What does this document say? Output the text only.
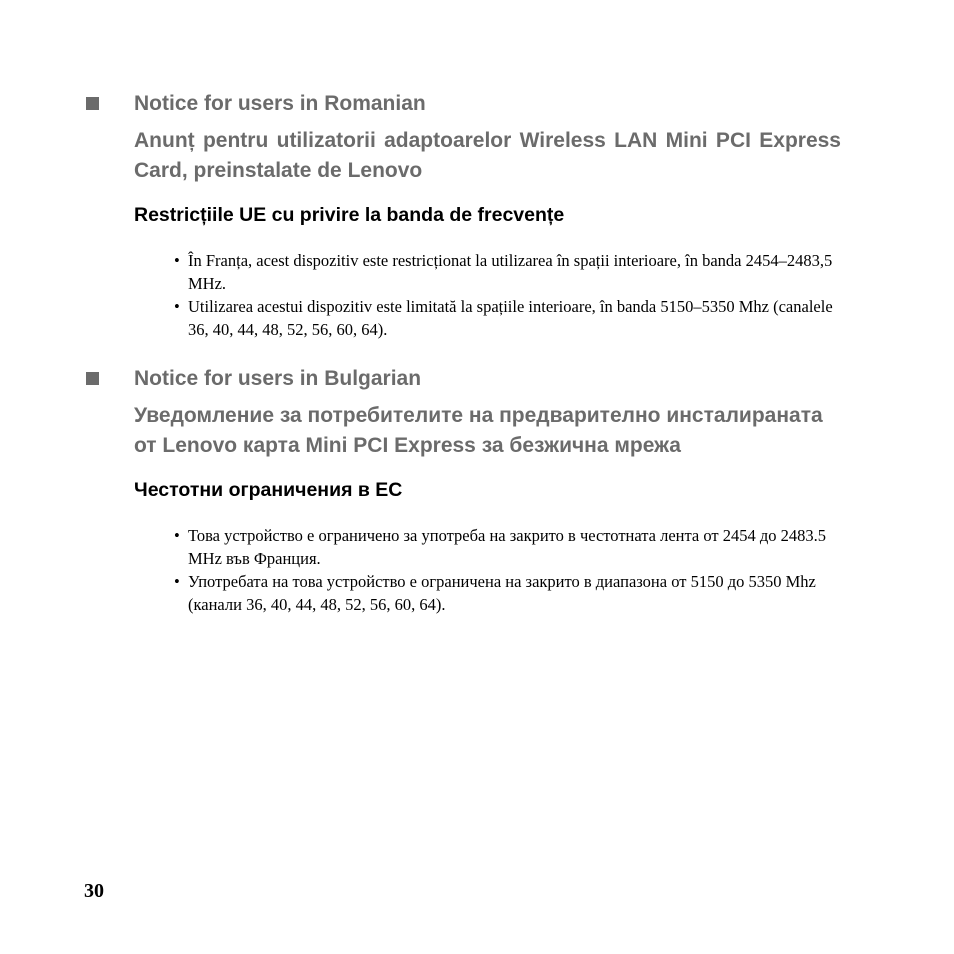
Notice for users in Romanian
Anunț pentru utilizatorii adaptoarelor Wireless LAN Mini PCI Express Card, preinstalate de Lenovo
Restricțiile UE cu privire la banda de frecvențe
• În Franța, acest dispozitiv este restricționat la utilizarea în spații interioare, în banda 2454–2483,5 MHz.
• Utilizarea acestui dispozitiv este limitată la spațiile interioare, în banda 5150–5350 Mhz (canalele 36, 40, 44, 48, 52, 56, 60, 64).
Notice for users in Bulgarian
Уведомление за потребителите на предварително инсталираната от Lenovo карта Mini PCI Express за безжична мрежа
Честотни ограничения в ЕС
• Това устройство е ограничено за употреба на закрито в честотната лента от 2454 до 2483.5 MHz във Франция.
• Употребата на това устройство е ограничена на закрито в диапазона от 5150 до 5350 Mhz (канали 36, 40, 44, 48, 52, 56, 60, 64).
30
